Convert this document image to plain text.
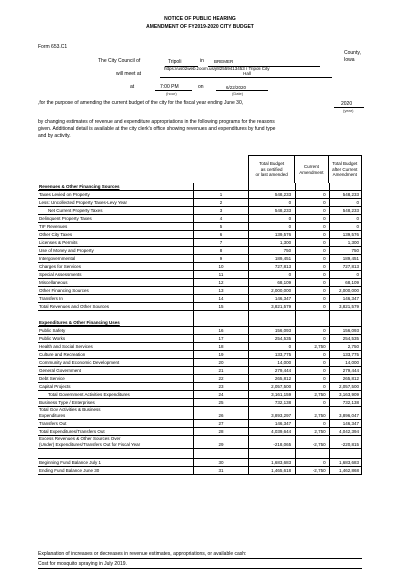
NOTICE OF PUBLIC HEARING
AMENDMENT OF FY2019-2020 CITY BUDGET
Form 653.C1
The City Council of	Tripoli	in BREMER
County,
Iowa
will meet at
https://us02web.zoom.us/j/82559413453 / Tripoli City
Hall
at	7:00 PM
(hour)
on	6/22/2020
(Date)
,for the purpose of amending the current budget of the city for the fiscal year ending June 30,	2020
(year)
by changing estimates of revenue and expenditure appropriations in the following programs for the reasons
given. Additional detail is available at the city clerk's office showing revenues and expenditures by fund type
and by activity.
Total Budget
as certified
or last amended
Current
Amendment
Total Budget
after Current
Amendment
Revenues & Other Financing Sources
Taxes Levied on Property	1	548,233	0	548,233
Less: Uncollected Property Taxes-Levy Year	2	0	0	0
Net Current Property Taxes	3	548,233	0	548,233
Delinquent Property Taxes	4	0	0	0
TIF Revenues	5	0	0	0
Other City Taxes	6	139,576	0	139,576
Licenses & Permits	7	1,300	0	1,300
Use of Money and Property	8	750	0	750
Intergovernmental	9	189,451	0	189,451
Charges for Services	10	727,813	0	727,813
Special Assessments	11	0	0	0
Miscellaneous	12	68,109	0	68,109
Other Financing Sources	13	2,000,000	0	2,000,000
Transfers In	14	146,347	0	146,347
Total Revenues and Other Sources	15	3,821,579	0	3,821,579
Expenditures & Other Financing Uses
Public Safety	16	156,093	0	156,093
Public Works	17	254,535	0	254,535
Health and Social Services	18	0	2,750	2,750
Culture and Recreation	19	133,775	0	133,775
Community and Economic Development	20	14,000	0	14,000
General Government	21	279,444	0	279,444
Debt Service	22	265,812	0	265,812
Capital Projects	23	2,057,500	0	2,057,500
Total Government Activities Expenditures	24	3,161,159	2,750	3,163,909
Business Type / Enterprises	25	732,138	0	732,138
Total Gov Activities & Business
Expenditures	26	3,893,297	2,750	3,896,047
Transfers Out	27	146,347	0	146,347
Total Expenditures/Transfers Out	28	4,039,644	2,750	4,042,394
Excess Revenues & Other Sources Over
(Under) Expenditures/Transfers Out for Fiscal Year	29	-218,065	-2,750	-220,815
Beginning Fund Balance July 1	30	1,683,683	0	1,683,683
Ending Fund Balance June 30	31	1,465,618	-2,750	1,462,868
Explanation of increases or decreases in revenue estimates, appropriations, or available cash:
Cost for mosquito spraying in July 2019.
